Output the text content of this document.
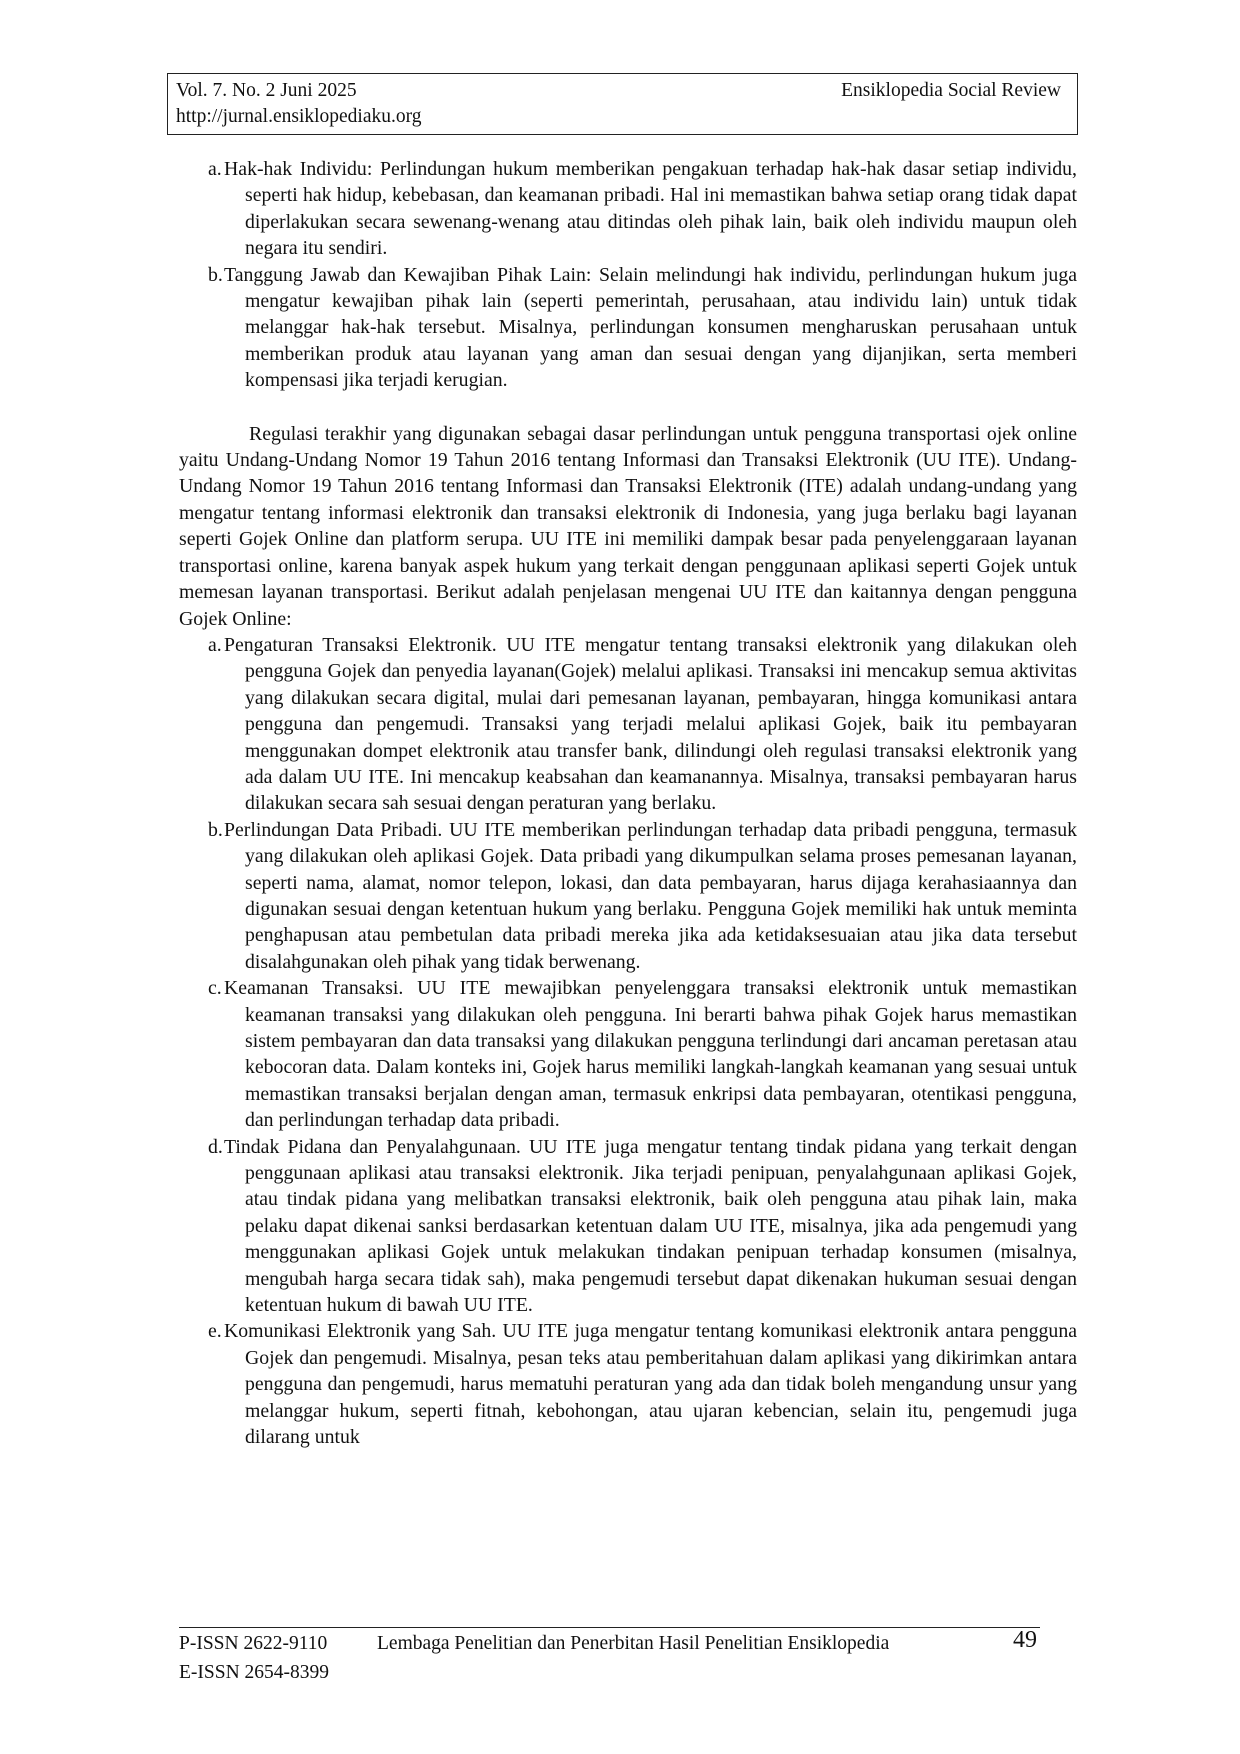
Vol. 7. No. 2 Juni 2025
http://jurnal.ensiklopediaku.org
Ensiklopedia Social Review
a. Hak-hak Individu: Perlindungan hukum memberikan pengakuan terhadap hak-hak dasar setiap individu, seperti hak hidup, kebebasan, dan keamanan pribadi. Hal ini memastikan bahwa setiap orang tidak dapat diperlakukan secara sewenang-wenang atau ditindas oleh pihak lain, baik oleh individu maupun oleh negara itu sendiri.
b. Tanggung Jawab dan Kewajiban Pihak Lain: Selain melindungi hak individu, perlindungan hukum juga mengatur kewajiban pihak lain (seperti pemerintah, perusahaan, atau individu lain) untuk tidak melanggar hak-hak tersebut. Misalnya, perlindungan konsumen mengharuskan perusahaan untuk memberikan produk atau layanan yang aman dan sesuai dengan yang dijanjikan, serta memberi kompensasi jika terjadi kerugian.

Regulasi terakhir yang digunakan sebagai dasar perlindungan untuk pengguna transportasi ojek online yaitu Undang-Undang Nomor 19 Tahun 2016 tentang Informasi dan Transaksi Elektronik (UU ITE). Undang-Undang Nomor 19 Tahun 2016 tentang Informasi dan Transaksi Elektronik (ITE) adalah undang-undang yang mengatur tentang informasi elektronik dan transaksi elektronik di Indonesia, yang juga berlaku bagi layanan seperti Gojek Online dan platform serupa. UU ITE ini memiliki dampak besar pada penyelenggaraan layanan transportasi online, karena banyak aspek hukum yang terkait dengan penggunaan aplikasi seperti Gojek untuk memesan layanan transportasi. Berikut adalah penjelasan mengenai UU ITE dan kaitannya dengan pengguna Gojek Online:

a. Pengaturan Transaksi Elektronik. UU ITE mengatur tentang transaksi elektronik yang dilakukan oleh pengguna Gojek dan penyedia layanan(Gojek) melalui aplikasi. Transaksi ini mencakup semua aktivitas yang dilakukan secara digital, mulai dari pemesanan layanan, pembayaran, hingga komunikasi antara pengguna dan pengemudi. Transaksi yang terjadi melalui aplikasi Gojek, baik itu pembayaran menggunakan dompet elektronik atau transfer bank, dilindungi oleh regulasi transaksi elektronik yang ada dalam UU ITE. Ini mencakup keabsahan dan keamanannya. Misalnya, transaksi pembayaran harus dilakukan secara sah sesuai dengan peraturan yang berlaku.
b. Perlindungan Data Pribadi. UU ITE memberikan perlindungan terhadap data pribadi pengguna, termasuk yang dilakukan oleh aplikasi Gojek. Data pribadi yang dikumpulkan selama proses pemesanan layanan, seperti nama, alamat, nomor telepon, lokasi, dan data pembayaran, harus dijaga kerahasiaannya dan digunakan sesuai dengan ketentuan hukum yang berlaku. Pengguna Gojek memiliki hak untuk meminta penghapusan atau pembetulan data pribadi mereka jika ada ketidaksesuaian atau jika data tersebut disalahgunakan oleh pihak yang tidak berwenang.
c. Keamanan Transaksi. UU ITE mewajibkan penyelenggara transaksi elektronik untuk memastikan keamanan transaksi yang dilakukan oleh pengguna. Ini berarti bahwa pihak Gojek harus memastikan sistem pembayaran dan data transaksi yang dilakukan pengguna terlindungi dari ancaman peretasan atau kebocoran data. Dalam konteks ini, Gojek harus memiliki langkah-langkah keamanan yang sesuai untuk memastikan transaksi berjalan dengan aman, termasuk enkripsi data pembayaran, otentikasi pengguna, dan perlindungan terhadap data pribadi.
d. Tindak Pidana dan Penyalahgunaan. UU ITE juga mengatur tentang tindak pidana yang terkait dengan penggunaan aplikasi atau transaksi elektronik. Jika terjadi penipuan, penyalahgunaan aplikasi Gojek, atau tindak pidana yang melibatkan transaksi elektronik, baik oleh pengguna atau pihak lain, maka pelaku dapat dikenai sanksi berdasarkan ketentuan dalam UU ITE, misalnya, jika ada pengemudi yang menggunakan aplikasi Gojek untuk melakukan tindakan penipuan terhadap konsumen (misalnya, mengubah harga secara tidak sah), maka pengemudi tersebut dapat dikenakan hukuman sesuai dengan ketentuan hukum di bawah UU ITE.
e. Komunikasi Elektronik yang Sah. UU ITE juga mengatur tentang komunikasi elektronik antara pengguna Gojek dan pengemudi. Misalnya, pesan teks atau pemberitahuan dalam aplikasi yang dikirimkan antara pengguna dan pengemudi, harus mematuhi peraturan yang ada dan tidak boleh mengandung unsur yang melanggar hukum, seperti fitnah, kebohongan, atau ujaran kebencian, selain itu, pengemudi juga dilarang untuk
P-ISSN 2622-9110
E-ISSN 2654-8399
Lembaga Penelitian dan Penerbitan Hasil Penelitian Ensiklopedia	49
